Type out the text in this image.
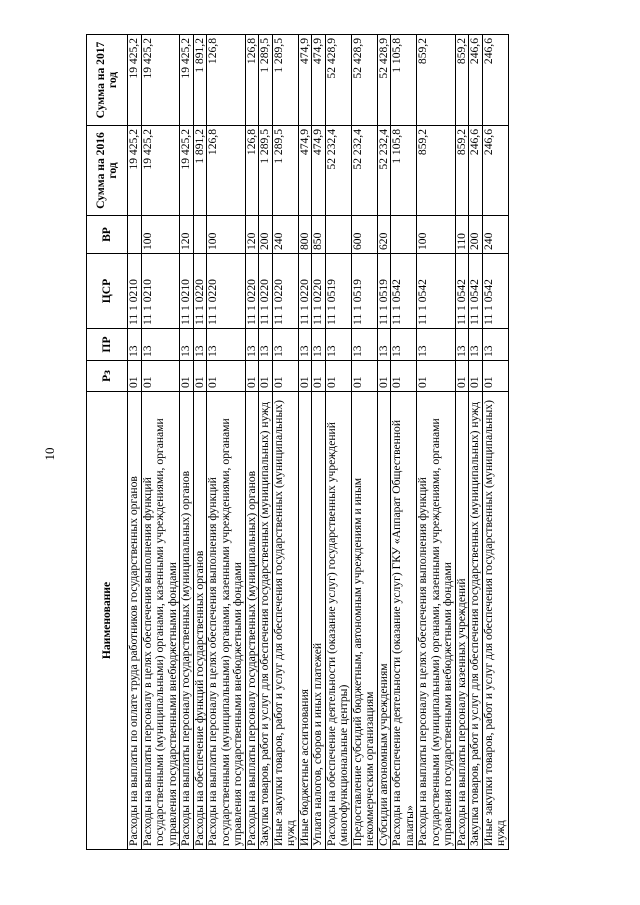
10
Наименование	Рз	ПР	ЦСР	ВР	Сумма на 2016 год	Сумма на 2017 год
Расходы на выплаты по оплате труда работников государственных органов	01	13	11 1 0210		19 425,2	19 425,2
Расходы на выплаты персоналу в целях обеспечения выполнения функций государственными (муниципальными) органами, казенными учреждениями, органами управления государственными внебюджетными фондами	01	13	11 1 0210	100	19 425,2	19 425,2
Расходы на выплаты персоналу государственных (муниципальных) органов	01	13	11 1 0210	120	19 425,2	19 425,2
Расходы на обеспечение функций государственных органов	01	13	11 1 0220		1 891,2	1 891,2
Расходы на выплаты персоналу в целях обеспечения выполнения функций государственными (муниципальными) органами, казенными учреждениями, органами управления государственными внебюджетными фондами	01	13	11 1 0220	100	126,8	126,8
Расходы на выплаты персоналу государственных (муниципальных) органов	01	13	11 1 0220	120	126,8	126,8
Закупка товаров, работ и услуг для обеспечения государственных (муниципальных) нужд	01	13	11 1 0220	200	1 289,5	1 289,5
Иные закупки товаров, работ и услуг для обеспечения государственных (муниципальных) нужд	01	13	11 1 0220	240	1 289,5	1 289,5
Иные бюджетные ассигнования	01	13	11 1 0220	800	474,9	474,9
Уплата налогов, сборов и иных платежей	01	13	11 1 0220	850	474,9	474,9
Расходы на обеспечение деятельности (оказание услуг) государственных учреждений (многофункциональные центры)	01	13	11 1 0519		52 232,4	52 428,9
Предоставление субсидий бюджетным, автономным учреждениям и иным некоммерческим организациям	01	13	11 1 0519	600	52 232,4	52 428,9
Субсидии автономным учреждениям	01	13	11 1 0519	620	52 232,4	52 428,9
Расходы на обеспечение деятельности (оказание услуг) ГКУ «Аппарат Общественной палаты»	01	13	11 1 0542		1 105,8	1 105,8
Расходы на выплаты персоналу в целях обеспечения выполнения функций государственными (муниципальными) органами, казенными учреждениями, органами управления государственными внебюджетными фондами	01	13	11 1 0542	100	859,2	859,2
Расходы на выплаты персоналу казенных учреждений	01	13	11 1 0542	110	859,2	859,2
Закупка товаров, работ и услуг для обеспечения государственных (муниципальных) нужд	01	13	11 1 0542	200	246,6	246,6
Иные закупки товаров, работ и услуг для обеспечения государственных (муниципальных) нужд	01	13	11 1 0542	240	246,6	246,6
